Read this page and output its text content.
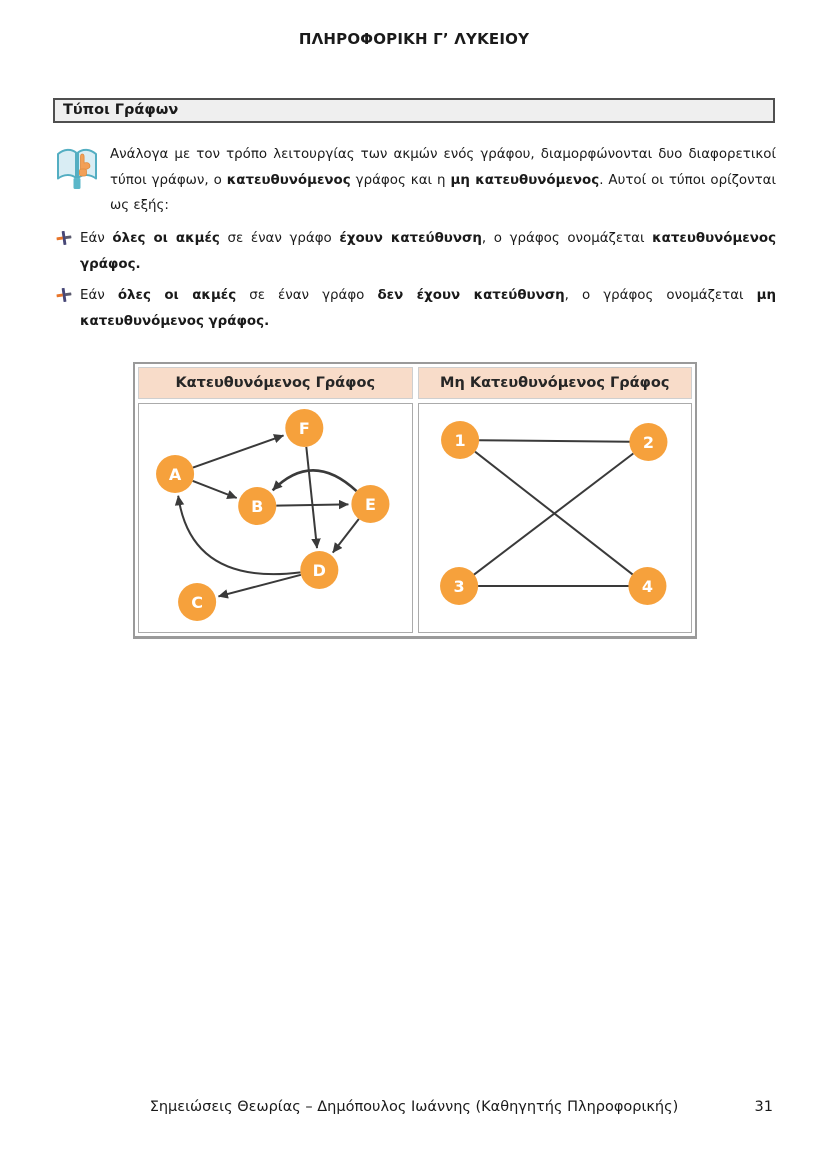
ΠΛΗΡΟΦΟΡΙΚΗ Γ’ ΛΥΚΕΙΟΥ
Τύποι Γράφων
Ανάλογα με τον τρόπο λειτουργίας των ακμών ενός γράφου, διαμορφώνονται δυο διαφορετικοί τύποι γράφων, ο κατευθυνόμενος γράφος και η μη κατευθυνόμενος. Αυτοί οι τύποι ορίζονται ως εξής:
Εάν όλες οι ακμές σε έναν γράφο έχουν κατεύθυνση, ο γράφος ονομάζεται κατευθυνόμενος γράφος.
Εάν όλες οι ακμές σε έναν γράφο δεν έχουν κατεύθυνση, ο γράφος ονομάζεται μη κατευθυνόμενος γράφος.
Κατευθυνόμενος Γράφος	Μη Κατευθυνόμενος Γράφος
A
B
C
D
E
F
1	2
3	4
Σημειώσεις Θεωρίας – Δημόπουλος Ιωάννης (Καθηγητής Πληροφορικής)	31
